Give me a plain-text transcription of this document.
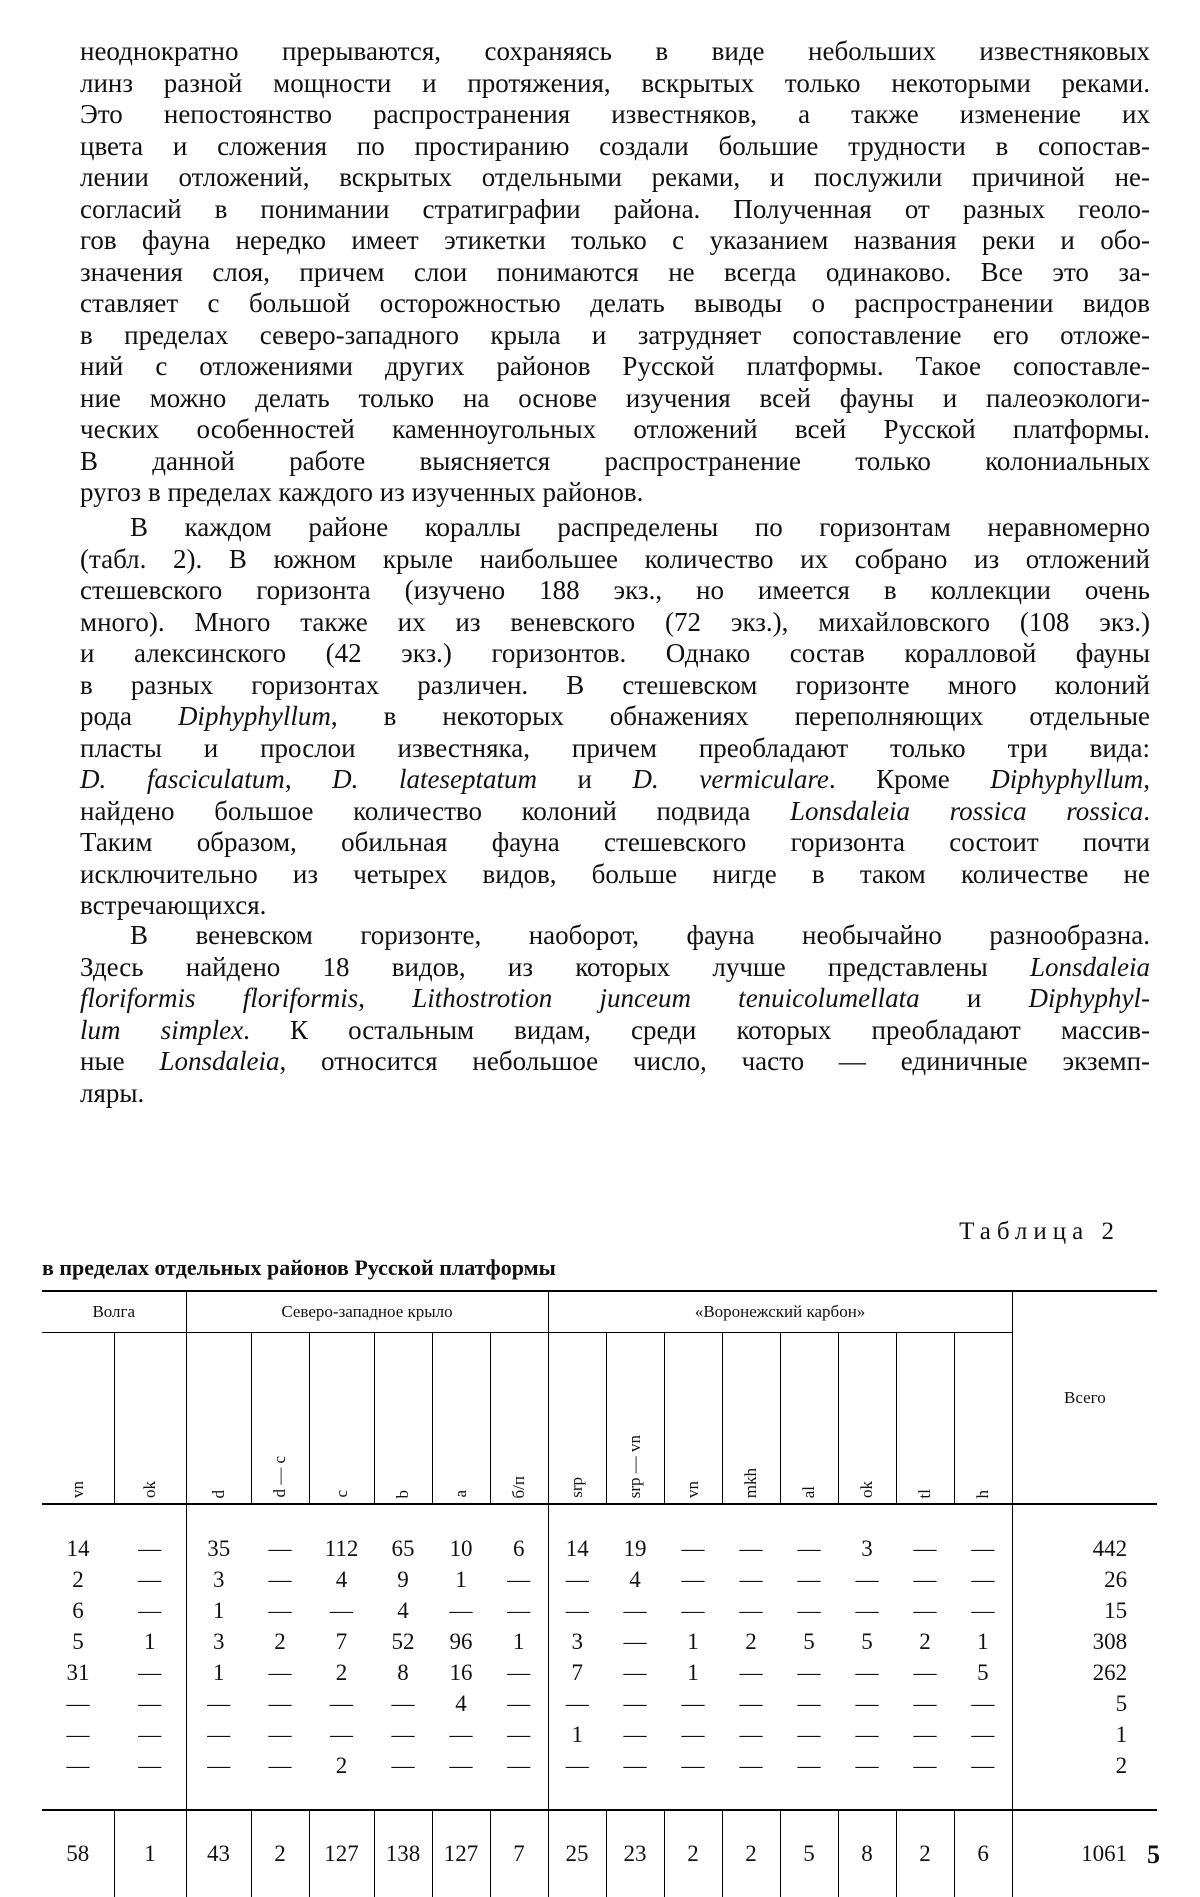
неоднократно прерываются, сохраняясь в виде небольших известняковых
линз разной мощности и протяжения, вскрытых только некоторыми реками.
Это непостоянство распространения известняков, а также изменение их
цвета и сложения по простиранию создали большие трудности в сопостав-
лении отложений, вскрытых отдельными реками, и послужили причиной не-
согласий в понимании стратиграфии района. Полученная от разных геоло-
гов фауна нередко имеет этикетки только с указанием названия реки и обо-
значения слоя, причем слои понимаются не всегда одинаково. Все это за-
ставляет с большой осторожностью делать выводы о распространении видов
в пределах северо-западного крыла и затрудняет сопоставление его отложе-
ний с отложениями других районов Русской платформы. Такое сопоставле-
ние можно делать только на основе изучения всей фауны и палеоэкологи-
ческих особенностей каменноугольных отложений всей Русской платформы.
В данной работе выясняется распространение только колониальных
ругоз в пределах каждого из изученных районов.
В каждом районе кораллы распределены по горизонтам неравномерно
(табл. 2). В южном крыле наибольшее количество их собрано из отложений
стешевского горизонта (изучено 188 экз., но имеется в коллекции очень
много). Много также их из веневского (72 экз.), михайловского (108 экз.)
и алексинского (42 экз.) горизонтов. Однако состав коралловой фауны
в разных горизонтах различен. В стешевском горизонте много колоний
рода Diphyphyllum, в некоторых обнажениях переполняющих отдельные
пласты и прослои известняка, причем преобладают только три вида:
D. fasciculatum, D. lateseptatum и D. vermiculare. Кроме Diphyphyllum,
найдено большое количество колоний подвида Lonsdaleia rossica rossica.
Таким образом, обильная фауна стешевского горизонта состоит почти
исключительно из четырех видов, больше нигде в таком количестве не
встречающихся.
В веневском горизонте, наоборот, фауна необычайно разнообразна.
Здесь найдено 18 видов, из которых лучше представлены Lonsdaleia
floriformis floriformis, Lithostrotion junceum tenuicolumellata и Diphyphyl-
lum simplex. К остальным видам, среди которых преобладают массив-
ные Lonsdaleia, относится небольшое число, часто — единичные экземп-
ляры.
Таблица 2
в пределах отдельных районов Русской платформы
Волга		Северо-западное крыло						«Воронежский карбон»								Всего
vn	ok	d	d — c	c	b	a	б/п	srp	srp — vn	vn	mkh	al	ok	tl	h	
14	—	35	—	112	65	10	6	14	19	—	—	—	3	—	—	442
2	—	3	—	4	9	1	—	—	4	—	—	—	—	—	—	26
6	—	1	—	—	4	—	—	—	—	—	—	—	—	—	—	15
5	1	3	2	7	52	96	1	3	—	1	2	5	5	2	1	308
31	—	1	—	2	8	16	—	7	—	1	—	—	—	—	5	262
—	—	—	—	—	—	4	—	—	—	—	—	—	—	—	—	5
—	—	—	—	—	—	—	—	1	—	—	—	—	—	—	—	1
—	—	—	—	2	—	—	—	—	—	—	—	—	—	—	—	2
58	1	43	2	127	138	127	7	25	23	2	2	5	8	2	6	1061 5
